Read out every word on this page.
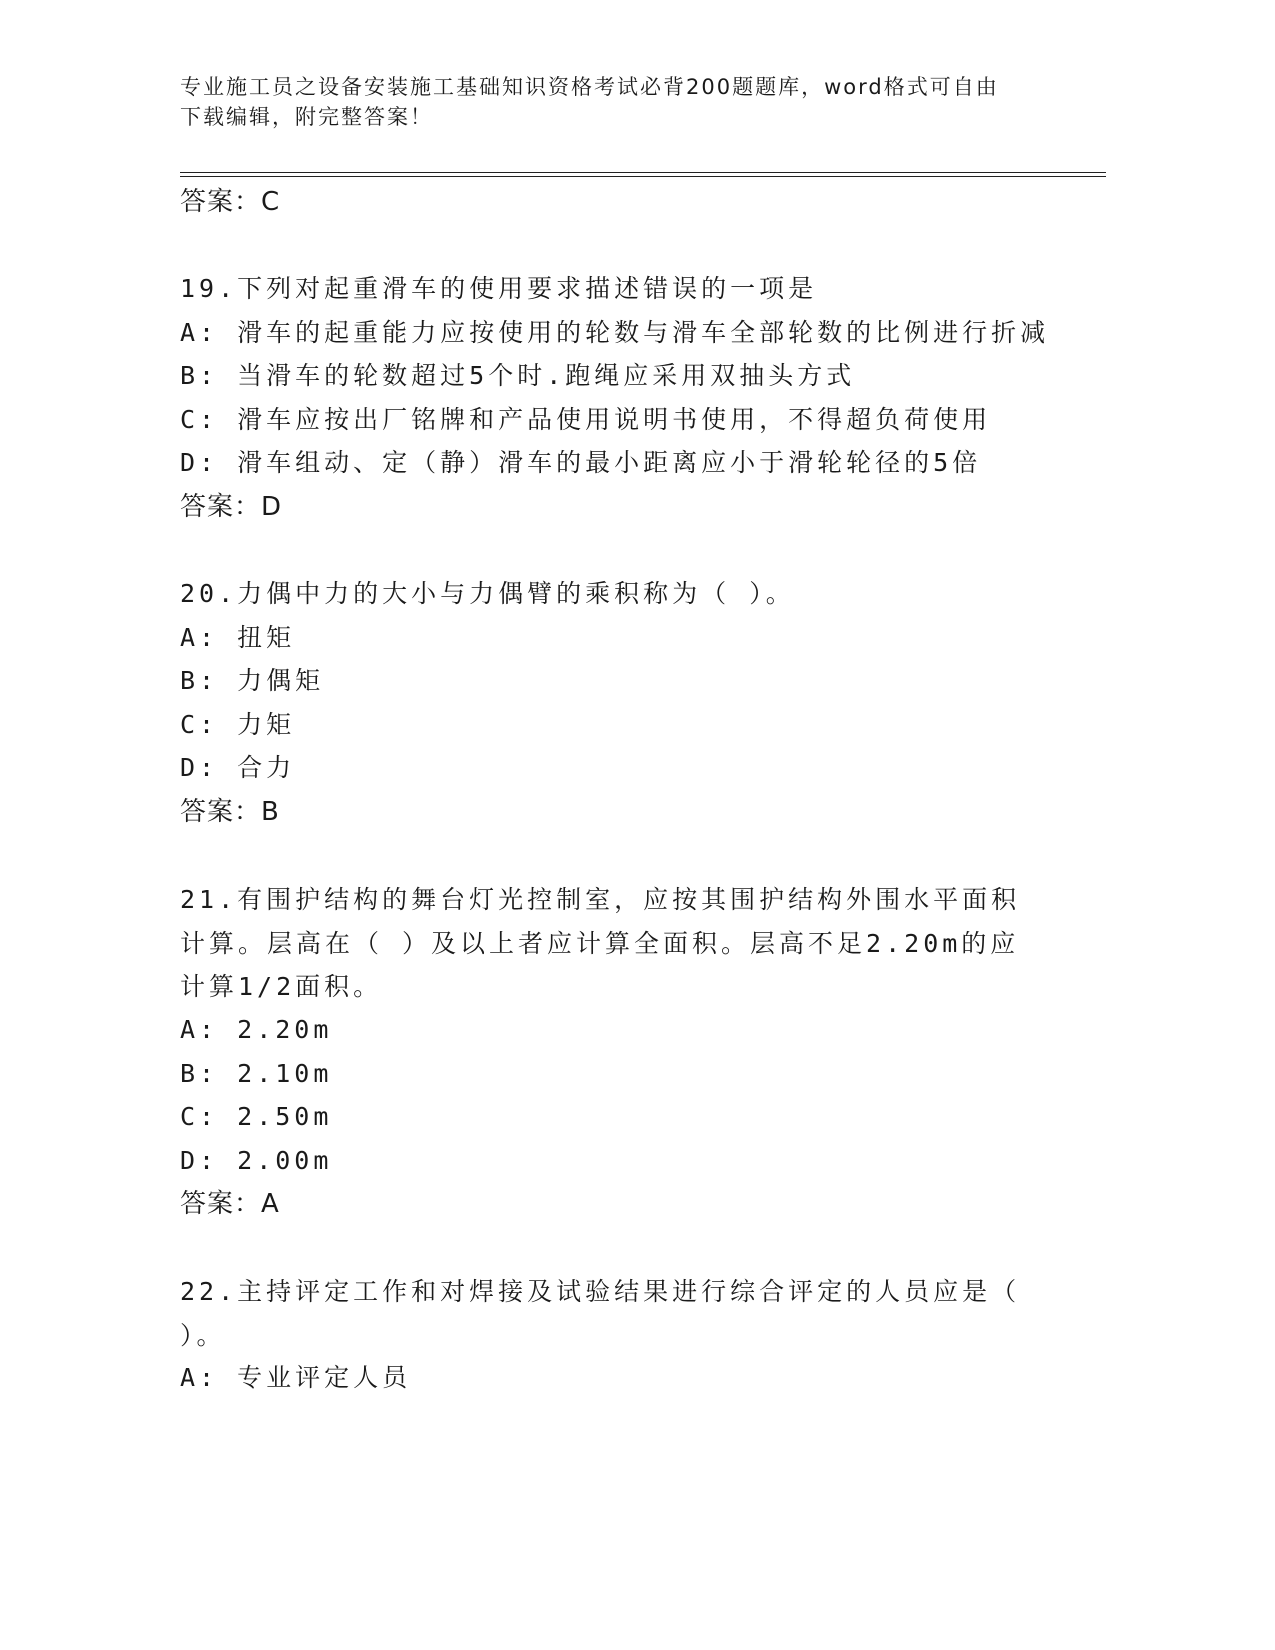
专业施工员之设备安装施工基础知识资格考试必背200题题库，word格式可自由
下载编辑，附完整答案！
答案：C
19.下列对起重滑车的使用要求描述错误的一项是
A: 滑车的起重能力应按使用的轮数与滑车全部轮数的比例进行折减
B: 当滑车的轮数超过5个时.跑绳应采用双抽头方式
C: 滑车应按出厂铭牌和产品使用说明书使用，不得超负荷使用
D: 滑车组动、定（静）滑车的最小距离应小于滑轮轮径的5倍
答案：D
20.力偶中力的大小与力偶臂的乘积称为（ ）。
A: 扭矩
B: 力偶矩
C: 力矩
D: 合力
答案：B
21.有围护结构的舞台灯光控制室，应按其围护结构外围水平面积计算。层高在（ ）及以上者应计算全面积。层高不足2.20m的应计算1/2面积。
A: 2.20m
B: 2.10m
C: 2.50m
D: 2.00m
答案：A
22.主持评定工作和对焊接及试验结果进行综合评定的人员应是（ ）。
A: 专业评定人员
